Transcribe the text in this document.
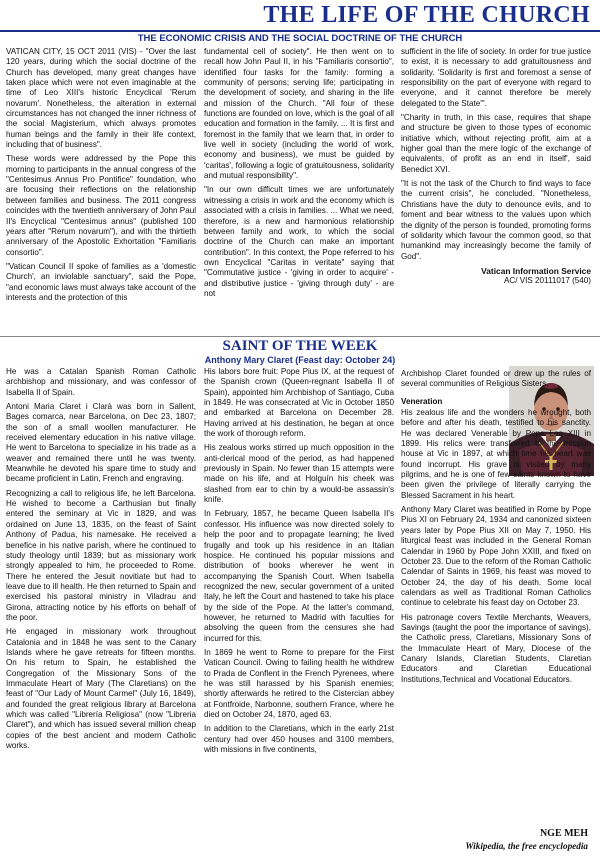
THE LIFE OF THE CHURCH
THE ECONOMIC CRISIS AND THE SOCIAL DOCTRINE OF THE CHURCH

VATICAN CITY, 15 OCT 2011 (VIS) - "Over the last 120 years, during which the social doctrine of the Church has developed, many great changes have taken place which were not even imaginable at the time of Leo XIII's historic Encyclical 'Rerum novarum'. Nonetheless, the alteration in external circumstances has not changed the inner richness of the social Magisterium, which always promotes human beings and the family in their life context, including that of business".

These words were addressed by the Pope this morning to participants in the annual congress of the "Centesimus Annus Pro Pontifice" foundation, who are focusing their reflections on the relationship between families and business. The 2011 congress coincides with the twentieth anniversary of John Paul II's Encyclical "Centesimus annus" (published 100 years after "Rerum novarum"), and with the thirtieth anniversary of the Apostolic Exhortation "Familiaris consortio".

"Vatican Council II spoke of families as a 'domestic Church', an inviolable sanctuary", said the Pope, "and economic laws must always take account of the interests and the protection of this

fundamental cell of society". He then went on to recall how John Paul II, in his "Familiaris consortio", identified four tasks for the family: forming a community of persons; serving life; participating in the development of society, and sharing in the life and mission of the Church. "All four of these functions are founded on love, which is the goal of all education and formation in the family. ... It is first and foremost in the family that we learn that, in order to live well in society (including the world of work, economy and business), we must be guided by 'caritas', following a logic of gratuitousness, solidarity and mutual responsibility".

"In our own difficult times we are unfortunately witnessing a crisis in work and the economy which is associated with a crisis in families. ... What we need, therefore, is a new and harmonious relationship between family and work, to which the social doctrine of the Church can make an important contribution". In this context, the Pope referred to his own Encyclical "Caritas in veritate" saying that "Commutative justice - 'giving in order to acquire' - and distributive justice - 'giving through duty' - are not

sufficient in the life of society. In order for true justice to exist, it is necessary to add gratuitousness and solidarity. 'Solidarity is first and foremost a sense of responsibility on the part of everyone with regard to everyone, and it cannot therefore be merely delegated to the State'".

"Charity in truth, in this case, requires that shape and structure be given to those types of economic initiative which, without rejecting profit, aim at a higher goal than the mere logic of the exchange of equivalents, of profit as an end in itself', said Benedict XVI.

"It is not the task of the Church to find ways to face the current crisis", he concluded. "Nonetheless, Christians have the duty to denounce evils, and to foment and bear witness to the values upon which the dignity of the person is founded, promoting forms of solidarity which favour the common good, so that humankind may increasingly become the family of God".

Vatican Information Service
AC/ VIS 20111017 (540)
SAINT OF THE WEEK
Anthony Mary Claret (Feast day: October 24)

He was a Catalan Spanish Roman Catholic archbishop and missionary, and was confessor of Isabella II of Spain.

Antoni Maria Claret i Clarà was born in Sallent, Bages comarca, near Barcelona, on Dec 23, 1807; the son of a small woollen manufacturer. He received elementary education in his native village. He went to Barcelona to specialize in his trade as a weaver and remained there until he was twenty. Meanwhile he devoted his spare time to study and became proficient in Latin, French and engraving.

Recognizing a call to religious life, he left Barcelona. He wished to become a Carthusian but finally entered the seminary at Vic in 1829, and was ordained on June 13, 1835, on the feast of Saint Anthony of Padua, his namesake. He received a benefice in his native parish, where he continued to study theology until 1839; but as missionary work strongly appealed to him, he proceeded to Rome. There he entered the Jesuit novitiate but had to leave due to ill health. He then returned to Spain and exercised his pastoral ministry in Viladrau and Girona, attracting notice by his efforts on behalf of the poor.

He engaged in missionary work throughout Catalonia and in 1848 he was sent to the Canary Islands where he gave retreats for fifteen months. On his return to Spain, he established the Congregation of the Missionary Sons of the Immaculate Heart of Mary (The Claretians) on the feast of "Our Lady of Mount Carmel" (July 16, 1849), and founded the great religious library at Barcelona which was called "Librería Religiosa" (now "Libreria Claret"), and which has issued several million cheap copies of the best ancient and modern Catholic works.

His labors bore fruit: Pope Pius IX, at the request of the Spanish crown (Queen-regnant Isabella II of Spain), appointed him Archbishop of Santiago, Cuba in 1849. He was consecrated at Vic in October 1850 and embarked at Barcelona on December 28. Having arrived at his destination, he began at once the work of thorough reform.

His zealous works stirred up much opposition in the anti-clerical mood of the period, as had happened previously in Spain. No fewer than 15 attempts were made on his life, and at Holguín his cheek was slashed from ear to chin by a would-be assassin's knife.

In February, 1857, he became Queen Isabella II's confessor. His influence was now directed solely to help the poor and to propagate learning; he lived frugally and took up his residence in an Italian hospice. He continued his popular missions and distribution of books wherever he went in accompanying the Spanish Court. When Isabella recognized the new, secular government of a united Italy, he left the Court and hastened to take his place by the side of the Pope. At the latter's command, however, he returned to Madrid with faculties for absolving the queen from the censures she had incurred for this.

In 1869 he went to Rome to prepare for the First Vatican Council. Owing to failing health he withdrew to Prada de Conflent in the French Pyrenees, where he was still harassed by his Spanish enemies; shortly afterwards he retired to the Cistercian abbey at Fontfroide, Narbonne, southern France, where he died on October 24, 1870, aged 63.

In addition to the Claretians, which in the early 21st century had over 450 houses and 3100 members, with missions in five continents,

Archbishop Claret founded or drew up the rules of several communities of Religious Sisters.

Veneration

His zealous life and the wonders he wrought, both before and after his death, testified to his sanctity. He was declared Venerable by Pope Leo XIII in 1899. His relics were transferred to the mission house at Vic in 1897, at which time his heart was found incorrupt. His grave is visited by many pilgrims, and he is one of few saints known to have been given the privilege of literally carrying the Blessed Sacrament in his heart.

Anthony Mary Claret was beatified in Rome by Pope Pius XI on February 24, 1934 and canonized sixteen years later by Pope Pius XII on May 7, 1950. His liturgical feast was included in the General Roman Calendar in 1960 by Pope John XXIII, and fixed on October 23. Due to the reform of the Roman Catholic Calendar of Saints in 1969, his feast was moved to October 24, the day of his death. Some local calendars as well as Traditional Roman Catholics continue to celebrate his feast day on October 23.

His patronage covers Textile Merchants, Weavers, Savings (taught the poor the importance of savings), the Catholic press, Claretians, Missionary Sons of the Immaculate Heart of Mary, Diocese of the Canary Islands, Claretian Students, Claretian Educators and Claretian Educational Institutions,Technical and Vocational Educators.

NGE MEH
Wikipedia, the free encyclopedia
